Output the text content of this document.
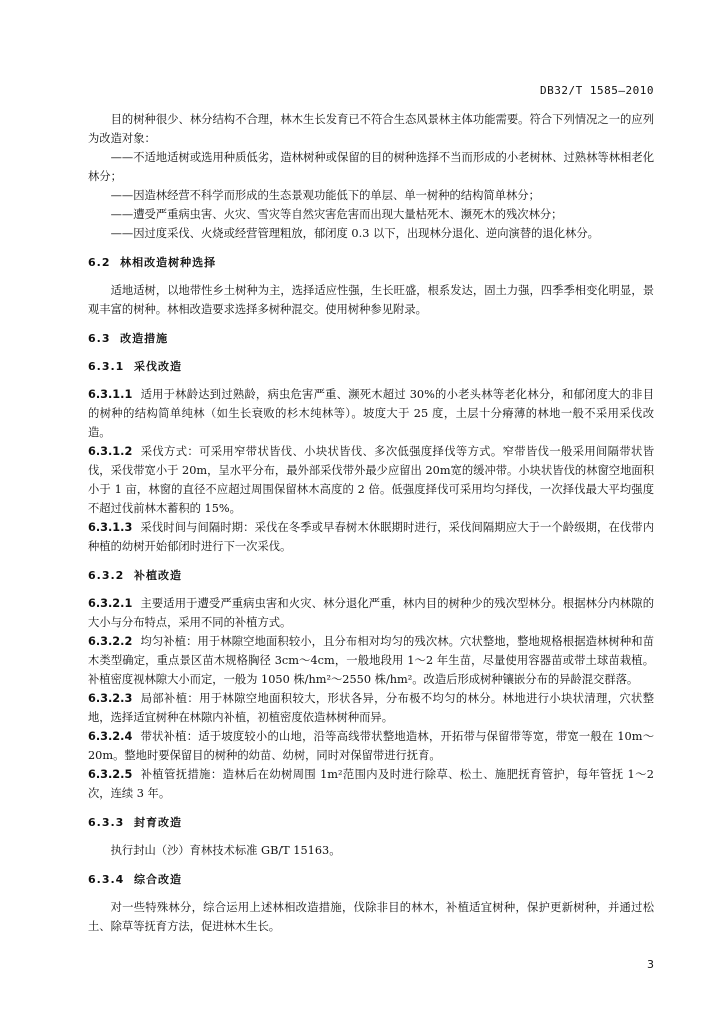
DB32/T 1585—2010

目的树种很少、林分结构不合理，林木生长发育已不符合生态风景林主体功能需要。符合下列情况之一的应列为改造对象：

——不适地适树或选用种质低劣，造林树种或保留的目的树种选择不当而形成的小老树林、过熟林等林相老化林分；

——因造林经营不科学而形成的生态景观功能低下的单层、单一树种的结构简单林分；

——遭受严重病虫害、火灾、雪灾等自然灾害危害而出现大量枯死木、濒死木的残次林分；

——因过度采伐、火烧或经营管理粗放，郁闭度 0.3 以下，出现林分退化、逆向演替的退化林分。

6.2 林相改造树种选择

适地适树，以地带性乡土树种为主，选择适应性强，生长旺盛，根系发达，固土力强，四季季相变化明显，景观丰富的树种。林相改造要求选择多树种混交。使用树种参见附录。

6.3 改造措施
6.3.1 采伐改造

6.3.1.1 适用于林龄达到过熟龄，病虫危害严重、濒死木超过 30%的小老头林等老化林分，和郁闭度大的非目的树种的结构简单纯林（如生长衰败的杉木纯林等）。坡度大于 25 度，土层十分瘠薄的林地一般不采用采伐改造。

6.3.1.2 采伐方式：可采用窄带状皆伐、小块状皆伐、多次低强度择伐等方式。窄带皆伐一般采用间隔带状皆伐，采伐带宽小于 20m，呈水平分布，最外部采伐带外最少应留出 20m宽的缓冲带。小块状皆伐的林窗空地面积小于 1 亩，林窗的直径不应超过周围保留林木高度的 2 倍。低强度择伐可采用均匀择伐，一次择伐最大平均强度不超过伐前林木蓄积的 15%。

6.3.1.3 采伐时间与间隔时期：采伐在冬季或早春树木休眠期时进行，采伐间隔期应大于一个龄级期，在伐带内种植的幼树开始郁闭时进行下一次采伐。

6.3.2 补植改造

6.3.2.1 主要适用于遭受严重病虫害和火灾、林分退化严重，林内目的树种少的残次型林分。根据林分内林隙的大小与分布特点，采用不同的补植方式。

6.3.2.2 均匀补植：用于林隙空地面积较小，且分布相对均匀的残次林。穴状整地，整地规格根据造林树种和苗木类型确定，重点景区苗木规格胸径 3cm～4cm，一般地段用 1～2 年生苗，尽量使用容器苗或带土球苗栽植。补植密度视林隙大小而定，一般为 1050 株/hm²～2550 株/hm²。改造后形成树种镶嵌分布的异龄混交群落。

6.3.2.3 局部补植：用于林隙空地面积较大，形状各异，分布极不均匀的林分。林地进行小块状清理，穴状整地，选择适宜树种在林隙内补植，初植密度依造林树种而异。

6.3.2.4 带状补植：适于坡度较小的山地，沿等高线带状整地造林，开拓带与保留带等宽，带宽一般在 10m～20m。整地时要保留目的树种的幼苗、幼树，同时对保留带进行抚育。

6.3.2.5 补植管抚措施：造林后在幼树周围 1m²范围内及时进行除草、松土、施肥抚育管护，每年管抚 1～2 次，连续 3 年。

6.3.3 封育改造

执行封山（沙）育林技术标准 GB/T 15163。

6.3.4 综合改造

对一些特殊林分，综合运用上述林相改造措施，伐除非目的林木，补植适宜树种，保护更新树种，并通过松土、除草等抚育方法，促进林木生长。

3
